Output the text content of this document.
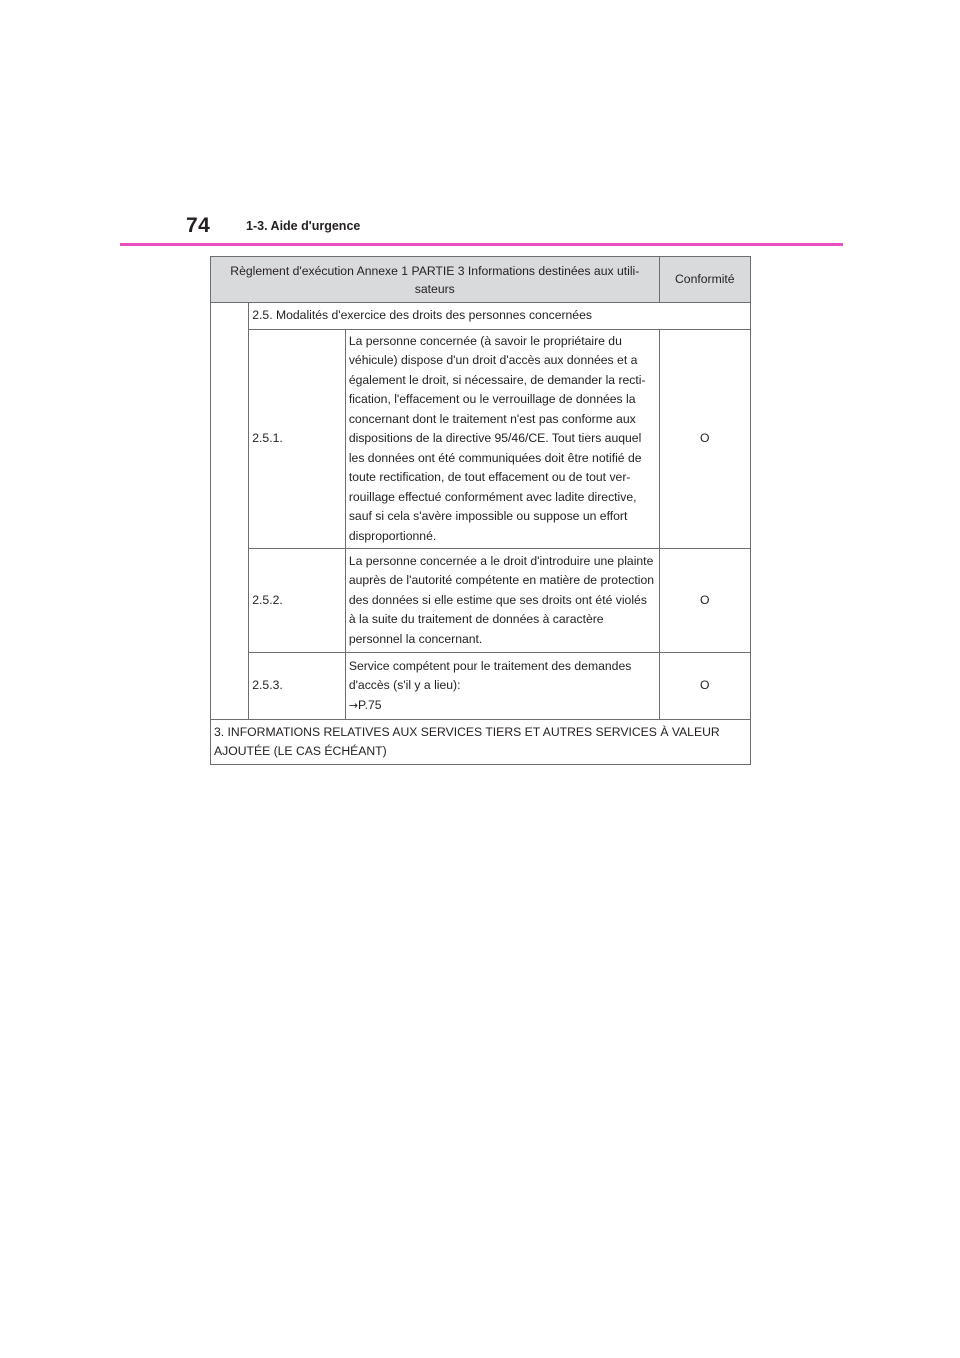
74	1-3. Aide d'urgence
Règlement d'exécution Annexe 1 PARTIE 3 Informations destinées aux utili-sateurs			Conformité
	2.5. Modalités d'exercice des droits des personnes concernées		
	2.5.1.	La personne concernée (à savoir le propriétaire du véhicule) dispose d'un droit d'accès aux données et a également le droit, si nécessaire, de demander la recti-fication, l'effacement ou le verrouillage de données la concernant dont le traitement n'est pas conforme aux dispositions de la directive 95/46/CE. Tout tiers auquel les données ont été communiquées doit être notifié de toute rectification, de tout effacement ou de tout ver-rouillage effectué conformément avec ladite directive, sauf si cela s'avère impossible ou suppose un effort disproportionné.	O
	2.5.2.	La personne concernée a le droit d'introduire une plainte auprès de l'autorité compétente en matière de protection des données si elle estime que ses droits ont été violés à la suite du traitement de données à caractère personnel la concernant.	O
	2.5.3.	Service compétent pour le traitement des demandes d'accès (s'il y a lieu):
→P.75	O
3. INFORMATIONS RELATIVES AUX SERVICES TIERS ET AUTRES SERVICES À VALEUR AJOUTÉE (LE CAS ÉCHÉANT)			
